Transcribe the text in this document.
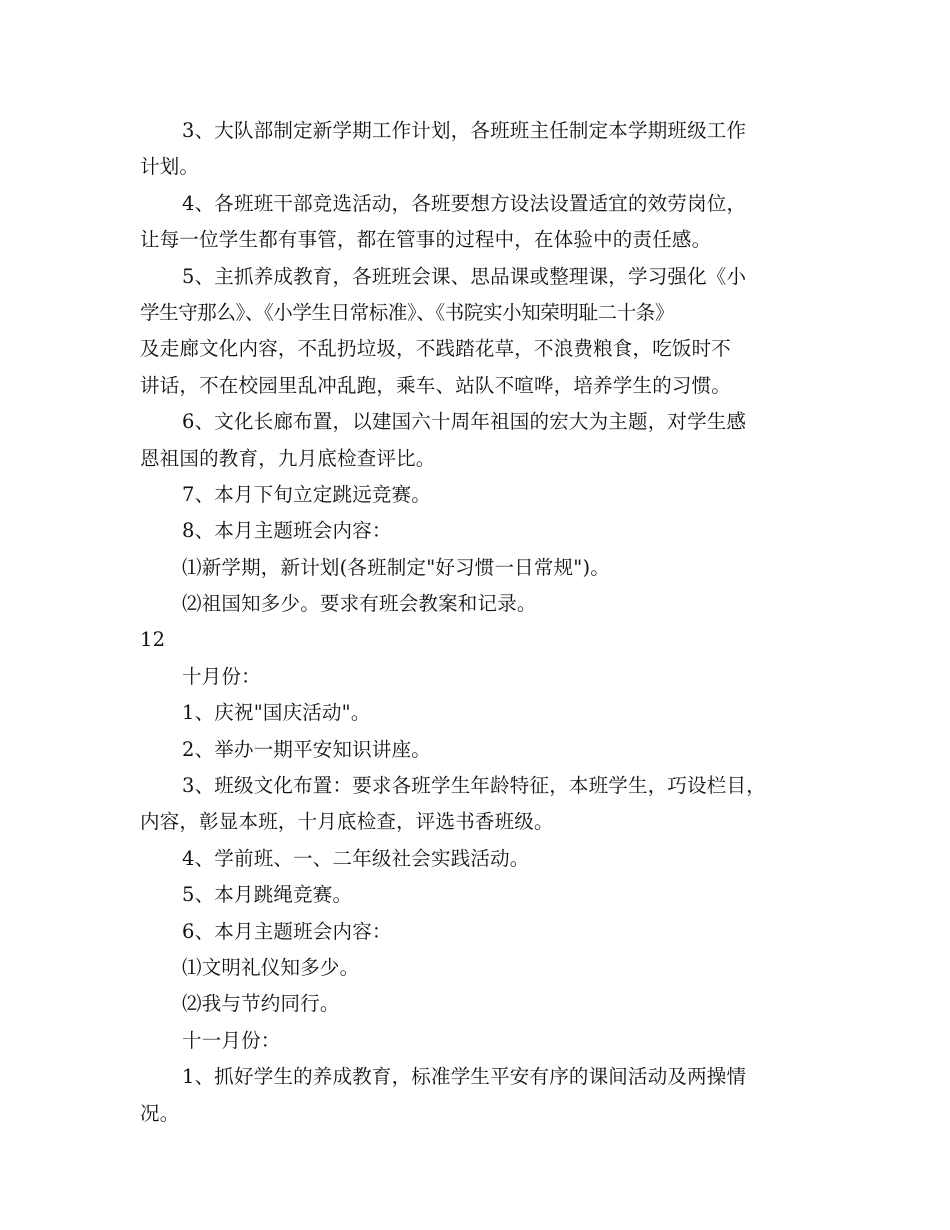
3、大队部制定新学期工作计划，各班班主任制定本学期班级工作
计划。
4、各班班干部竞选活动，各班要想方设法设置适宜的效劳岗位，
让每一位学生都有事管，都在管事的过程中，在体验中的责任感。
5、主抓养成教育，各班班会课、思品课或整理课，学习强化《小
学生守那么》、《小学生日常标准》、《书院实小知荣明耻二十条》
及走廊文化内容，不乱扔垃圾，不践踏花草，不浪费粮食，吃饭时不
讲话，不在校园里乱冲乱跑，乘车、站队不喧哗，培养学生的习惯。
6、文化长廊布置，以建国六十周年祖国的宏大为主题，对学生感
恩祖国的教育，九月底检查评比。
7、本月下旬立定跳远竞赛。
8、本月主题班会内容：
⑴新学期，新计划(各班制定"好习惯一日常规")。
⑵祖国知多少。要求有班会教案和记录。
12
十月份：
1、庆祝"国庆活动"。
2、举办一期平安知识讲座。
3、班级文化布置：要求各班学生年龄特征，本班学生，巧设栏目，
内容，彰显本班，十月底检查，评选书香班级。
4、学前班、一、二年级社会实践活动。
5、本月跳绳竞赛。
6、本月主题班会内容：
⑴文明礼仪知多少。
⑵我与节约同行。
十一月份：
1、抓好学生的养成教育，标准学生平安有序的课间活动及两操情
况。
